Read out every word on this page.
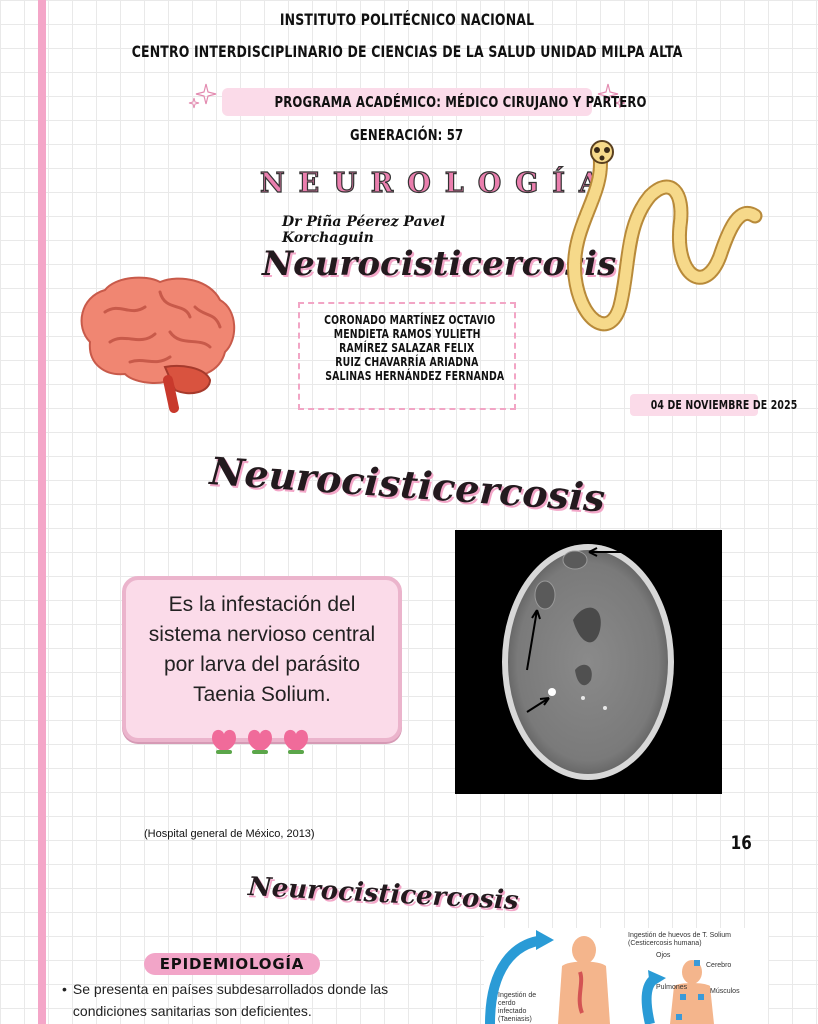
INSTITUTO POLITÉCNICO NACIONAL
CENTRO INTERDISCIPLINARIO DE CIENCIAS DE LA SALUD UNIDAD MILPA ALTA
PROGRAMA ACADÉMICO: MÉDICO CIRUJANO Y PARTERO
GENERACIÓN: 57
NEUROLOGÍA
Dr Piña Péerez Pavel Korchaguin
Neurocisticercosis
CORONADO MARTÍNEZ OCTAVIO
MENDIETA RAMOS YULIETH
RAMÍREZ SALAZAR FELIX
RUIZ CHAVARRÍA ARIADNA
SALINAS HERNÁNDEZ FERNANDA
04 DE NOVIEMBRE DE 2025
Neurocisticercosis
Es la infestación del sistema nervioso central por larva del parásito Taenia Solium.
(Hospital general de México, 2013)	16
Neurocisticercosis
EPIDEMIOLOGÍA
• Se presenta en países subdesarrollados donde las condiciones sanitarias son deficientes.
Ingestión de huevos de T. Solium (Cesticercosis humana)
Ojos
Cerebro
Pulmones
Músculos
Ingestión de cerdo infectado (Taeniasis)
